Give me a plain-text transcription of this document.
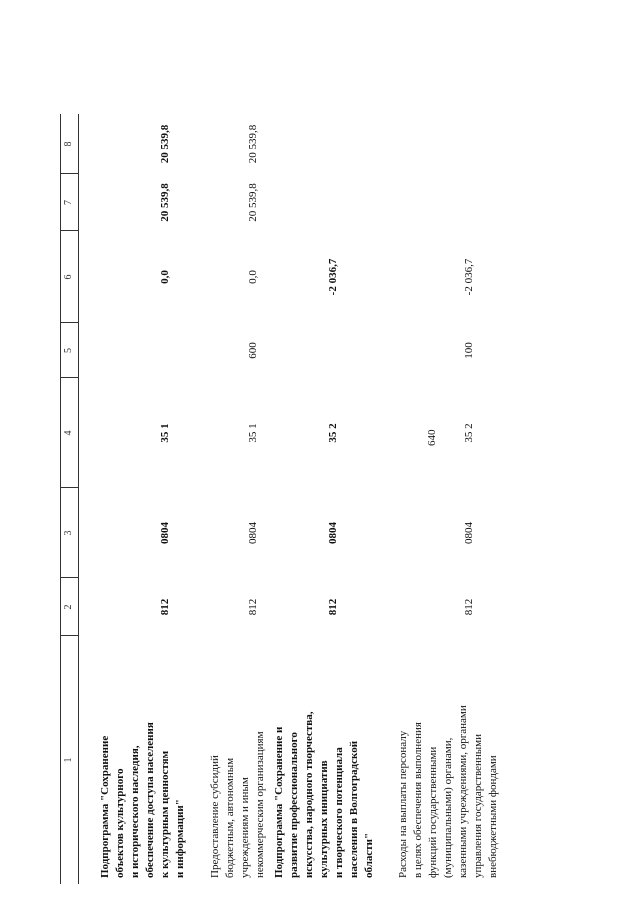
640
1
2
3
4
5
6
7
8
Подпрограмма "Сохранение
объектов культурного
и исторического наследия,
обеспечение доступа населения
к культурным ценностям
и информации"
812
0804
35 1
0,0
20 539,8
20 539,8
Предоставление субсидий
бюджетным, автономным
учреждениям и иным
некоммерческим организациям
812
0804
35 1
600
0,0
20 539,8
20 539,8
Подпрограмма "Сохранение и
развитие профессионального
искусства, народного творчества,
культурных инициатив
и творческого потенциала
населения в Волгоградской
области"
812
0804
35 2
-2 036,7
Расходы на выплаты персоналу
в целях обеспечения выполнения
функций государственными
(муниципальными) органами,
казенными учреждениями, органами
управления государственными
внебюджетными фондами
812
0804
35 2
100
-2 036,7
